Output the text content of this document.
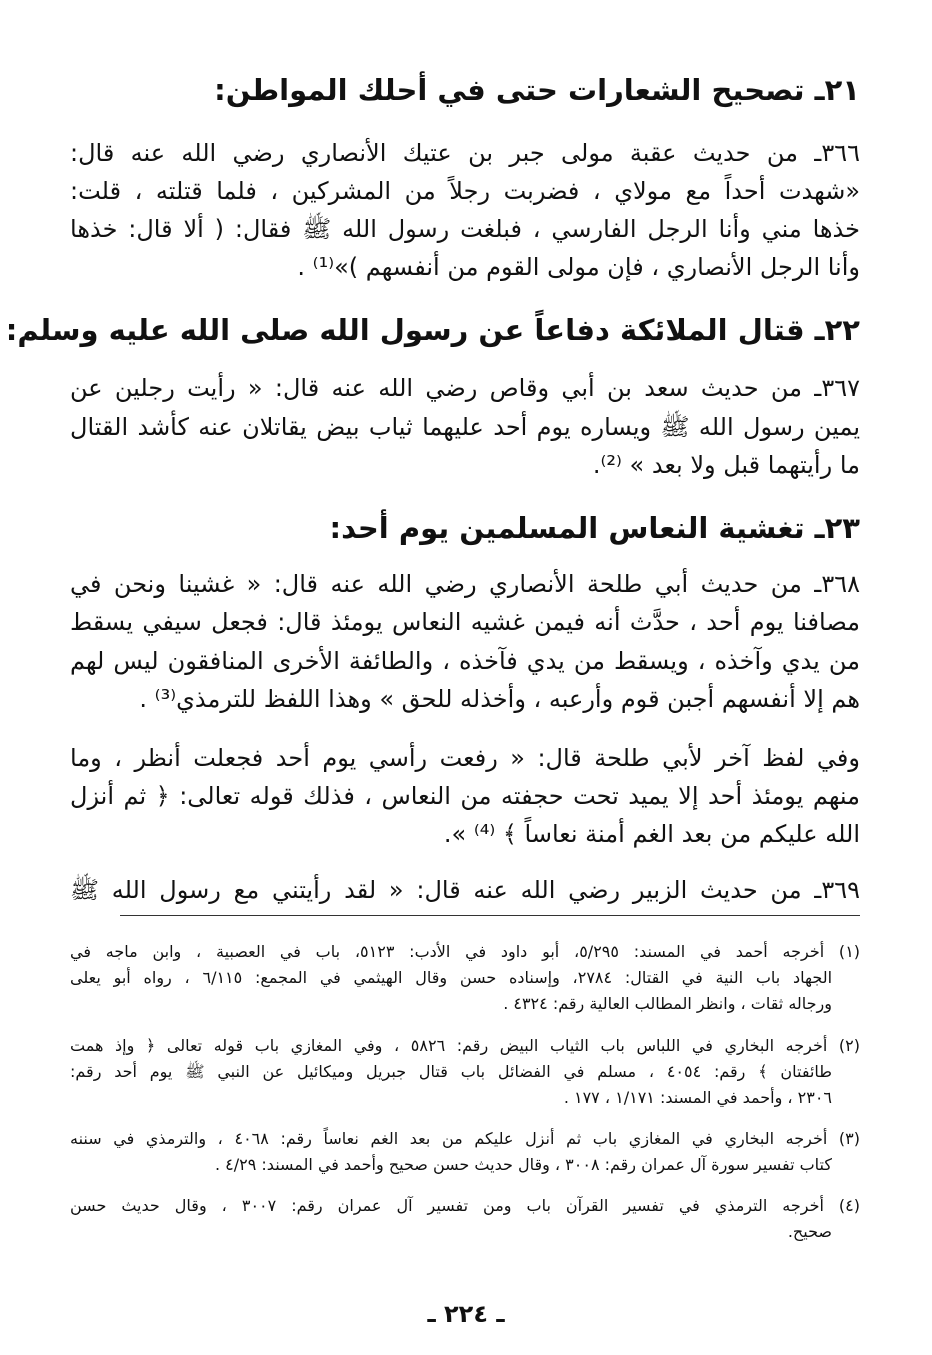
٢١ـ تصحيح الشعارات حتى في أحلك المواطن:
٣٦٦ـ من حديث عقبة مولى جبر بن عتيك الأنصاري رضي الله عنه قال:
«شهدت أحداً مع مولاي ، فضربت رجلاً من المشركين ، فلما قتلته ، قلت:
خذها مني وأنا الرجل الفارسي ، فبلغت رسول الله ﷺ فقال: ( ألا قال: خذها
وأنا الرجل الأنصاري ، فإن مولى القوم من أنفسهم )»⁽¹⁾ .
٢٢ـ قتال الملائكة دفاعاً عن رسول الله صلى الله عليه وسلم:
٣٦٧ـ من حديث سعد بن أبي وقاص رضي الله عنه قال: « رأيت رجلين عن
يمين رسول الله ﷺ ويساره يوم أحد عليهما ثياب بيض يقاتلان عنه كأشد القتال
ما رأيتهما قبل ولا بعد » ⁽²⁾.
٢٣ـ تغشية النعاس المسلمين يوم أحد:
٣٦٨ـ من حديث أبي طلحة الأنصاري رضي الله عنه قال: « غشينا ونحن في
مصافنا يوم أحد ، حدَّث أنه فيمن غشيه النعاس يومئذ قال: فجعل سيفي يسقط
من يدي وآخذه ، ويسقط من يدي فآخذه ، والطائفة الأخرى المنافقون ليس لهم
هم إلا أنفسهم أجبن قوم وأرعبه ، وأخذله للحق » وهذا اللفظ للترمذي⁽³⁾ .
وفي لفظ آخر لأبي طلحة قال: « رفعت رأسي يوم أحد فجعلت أنظر ، وما
منهم يومئذ أحد إلا يميد تحت حجفته من النعاس ، فذلك قوله تعالى: ﴿ ثم أنزل
الله عليكم من بعد الغم أمنة نعاساً ﴾ ⁽⁴⁾ ».
٣٦٩ـ من حديث الزبير رضي الله عنه قال: « لقد رأيتني مع رسول الله ﷺ
(١) أخرجه أحمد في المسند: ٥/٢٩٥، أبو داود في الأدب: ٥١٢٣، باب في العصبية ، وابن ماجه في
الجهاد باب النية في القتال: ٢٧٨٤، وإسناده حسن وقال الهيثمي في المجمع: ٦/١١٥ ، رواه أبو يعلى
ورجاله ثقات ، وانظر المطالب العالية رقم: ٤٣٢٤ .
(٢) أخرجه البخاري في اللباس باب الثياب البيض رقم: ٥٨٢٦ ، وفي المغازي باب قوله تعالى ﴿ وإذ همت
طائفتان ﴾ رقم: ٤٠٥٤ ، مسلم في الفضائل باب قتال جبريل وميكائيل عن النبي ﷺ يوم أحد رقم:
٢٣٠٦ ، وأحمد في المسند: ١/١٧١ ، ١٧٧ .
(٣) أخرجه البخاري في المغازي باب ثم أنزل عليكم من بعد الغم نعاساً رقم: ٤٠٦٨ ، والترمذي في سننه
كتاب تفسير سورة آل عمران رقم: ٣٠٠٨ ، وقال حديث حسن صحيح وأحمد في المسند: ٤/٢٩ .
(٤) أخرجه الترمذي في تفسير القرآن باب ومن تفسير آل عمران رقم: ٣٠٠٧ ، وقال حديث حسن
صحيح.
ـ ٢٢٤ ـ
